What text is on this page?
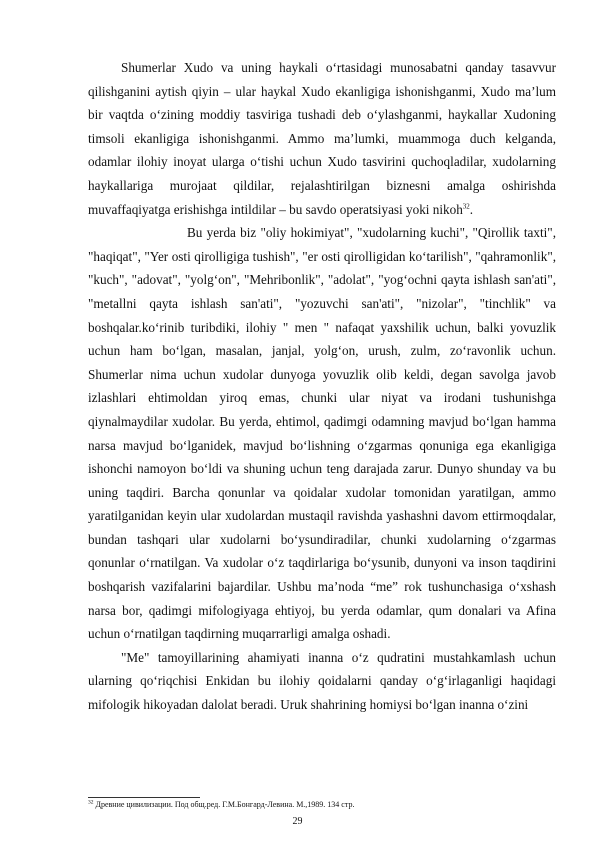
Shumerlar Xudo va uning haykali o‘rtasidagi munosabatni qanday tasavvur qilishganini aytish qiyin – ular haykal Xudo ekanligiga ishonishganmi, Xudo ma’lum bir vaqtda o‘zining moddiy tasviriga tushadi deb o‘ylashganmi, haykallar Xudoning timsoli ekanligiga ishonishganmi. Ammo ma’lumki, muammoga duch kelganda, odamlar ilohiy inoyat ularga o‘tishi uchun Xudo tasvirini quchoqladilar, xudolarning haykallariga murojaat qildilar, rejalashtirilgan biznesni amalga oshirishda muvaffaqiyatga erishishga intildilar – bu savdo operatsiyasi yoki nikoh$^{32}$.

Bu yerda biz "oliy hokimiyat", "xudolarning kuchi", "Qirollik taxti", "haqiqat", "Yer osti qirolligiga tushish", "er osti qirolligidan ko‘tarilish", "qahramonlik", "kuch", "adovat", "yolg‘on", "Mehribonlik", "adolat", "yog‘ochni qayta ishlash san'ati", "metallni qayta ishlash san'ati", "yozuvchi san'ati", "nizolar", "tinchlik" va boshqalar.ko‘rinib turibdiki, ilohiy " men " nafaqat yaxshilik uchun, balki yovuzlik uchun ham bo‘lgan, masalan, janjal, yolg‘on, urush, zulm, zo‘ravonlik uchun. Shumerlar nima uchun xudolar dunyoga yovuzlik olib keldi, degan savolga javob izlashlari ehtimoldan yiroq emas, chunki ular niyat va irodani tushunishga qiynalmaydilar xudolar. Bu yerda, ehtimol, qadimgi odamning mavjud bo‘lgan hamma narsa mavjud bo‘lganidek, mavjud bo‘lishning o‘zgarmas qonuniga ega ekanligiga ishonchi namoyon bo‘ldi va shuning uchun teng darajada zarur. Dunyo shunday va bu uning taqdiri. Barcha qonunlar va qoidalar xudolar tomonidan yaratilgan, ammo yaratilganidan keyin ular xudolardan mustaqil ravishda yashashni davom ettirmoqdalar, bundan tashqari ular xudolarni bo‘ysundiradilar, chunki xudolarning o‘zgarmas qonunlar o‘rnatilgan. Va xudolar o‘z taqdirlariga bo‘ysunib, dunyoni va inson taqdirini boshqarish vazifalarini bajardilar. Ushbu ma’noda “me” rok tushunchasiga o‘xshash narsa bor, qadimgi mifologiyaga ehtiyoj, bu yerda odamlar, qum donalari va Afina uchun o‘rnatilgan taqdirning muqarrarligi amalga oshadi.

"Me" tamoyillarining ahamiyati inanna o‘z qudratini mustahkamlash uchun ularning qo‘riqchisi Enkidan bu ilohiy qoidalarni qanday o‘g‘irlaganligi haqidagi mifologik hikoyadan dalolat beradi. Uruk shahrining homiysi bo‘lgan inanna o‘zini

$^{32}$ Древние цивилизации. Под общ.ред. Г.М.Бонгард-Левина. М.,1989. 134 стр.
29
